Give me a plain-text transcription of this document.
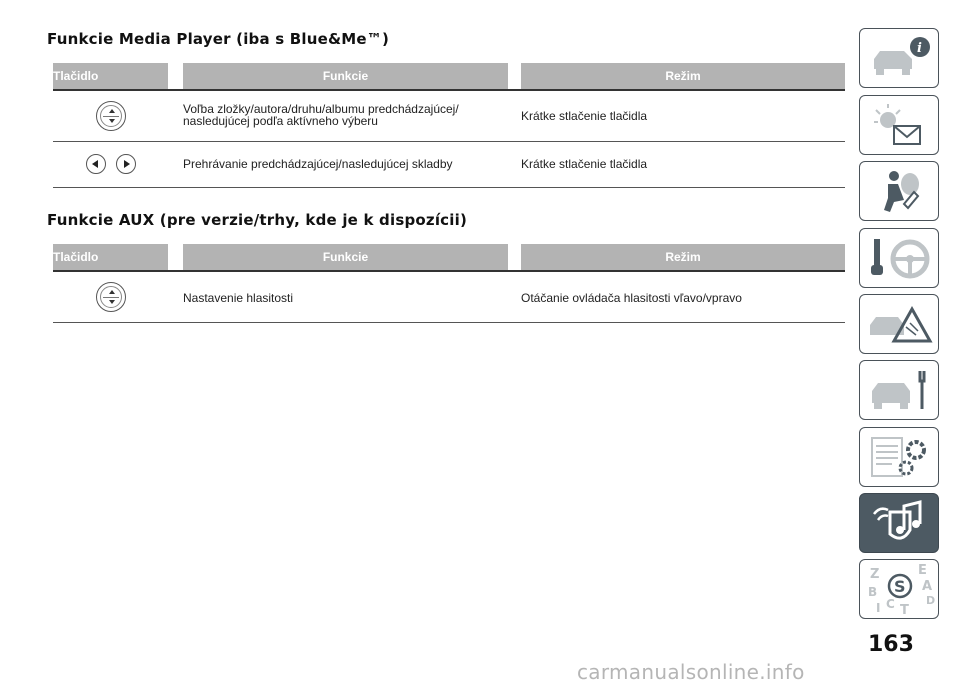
Funkcie Media Player (iba s Blue&Me™)
Tlačidlo	Funkcie	Režim
Voľba zložky/autora/druhu/albumu predchádzajúcej/
nasledujúcej podľa aktívneho výberu	Krátke stlačenie tlačidla
Prehrávanie predchádzajúcej/nasledujúcej skladby	Krátke stlačenie tlačidla
Funkcie AUX (pre verzie/trhy, kde je k dispozícii)
Tlačidlo	Funkcie	Režim
Nastavenie hlasitosti	Otáčanie ovládača hlasitosti vľavo/vpravo
i
Z	E
B	A
D
I C T
S
163
carmanualsonline.info
